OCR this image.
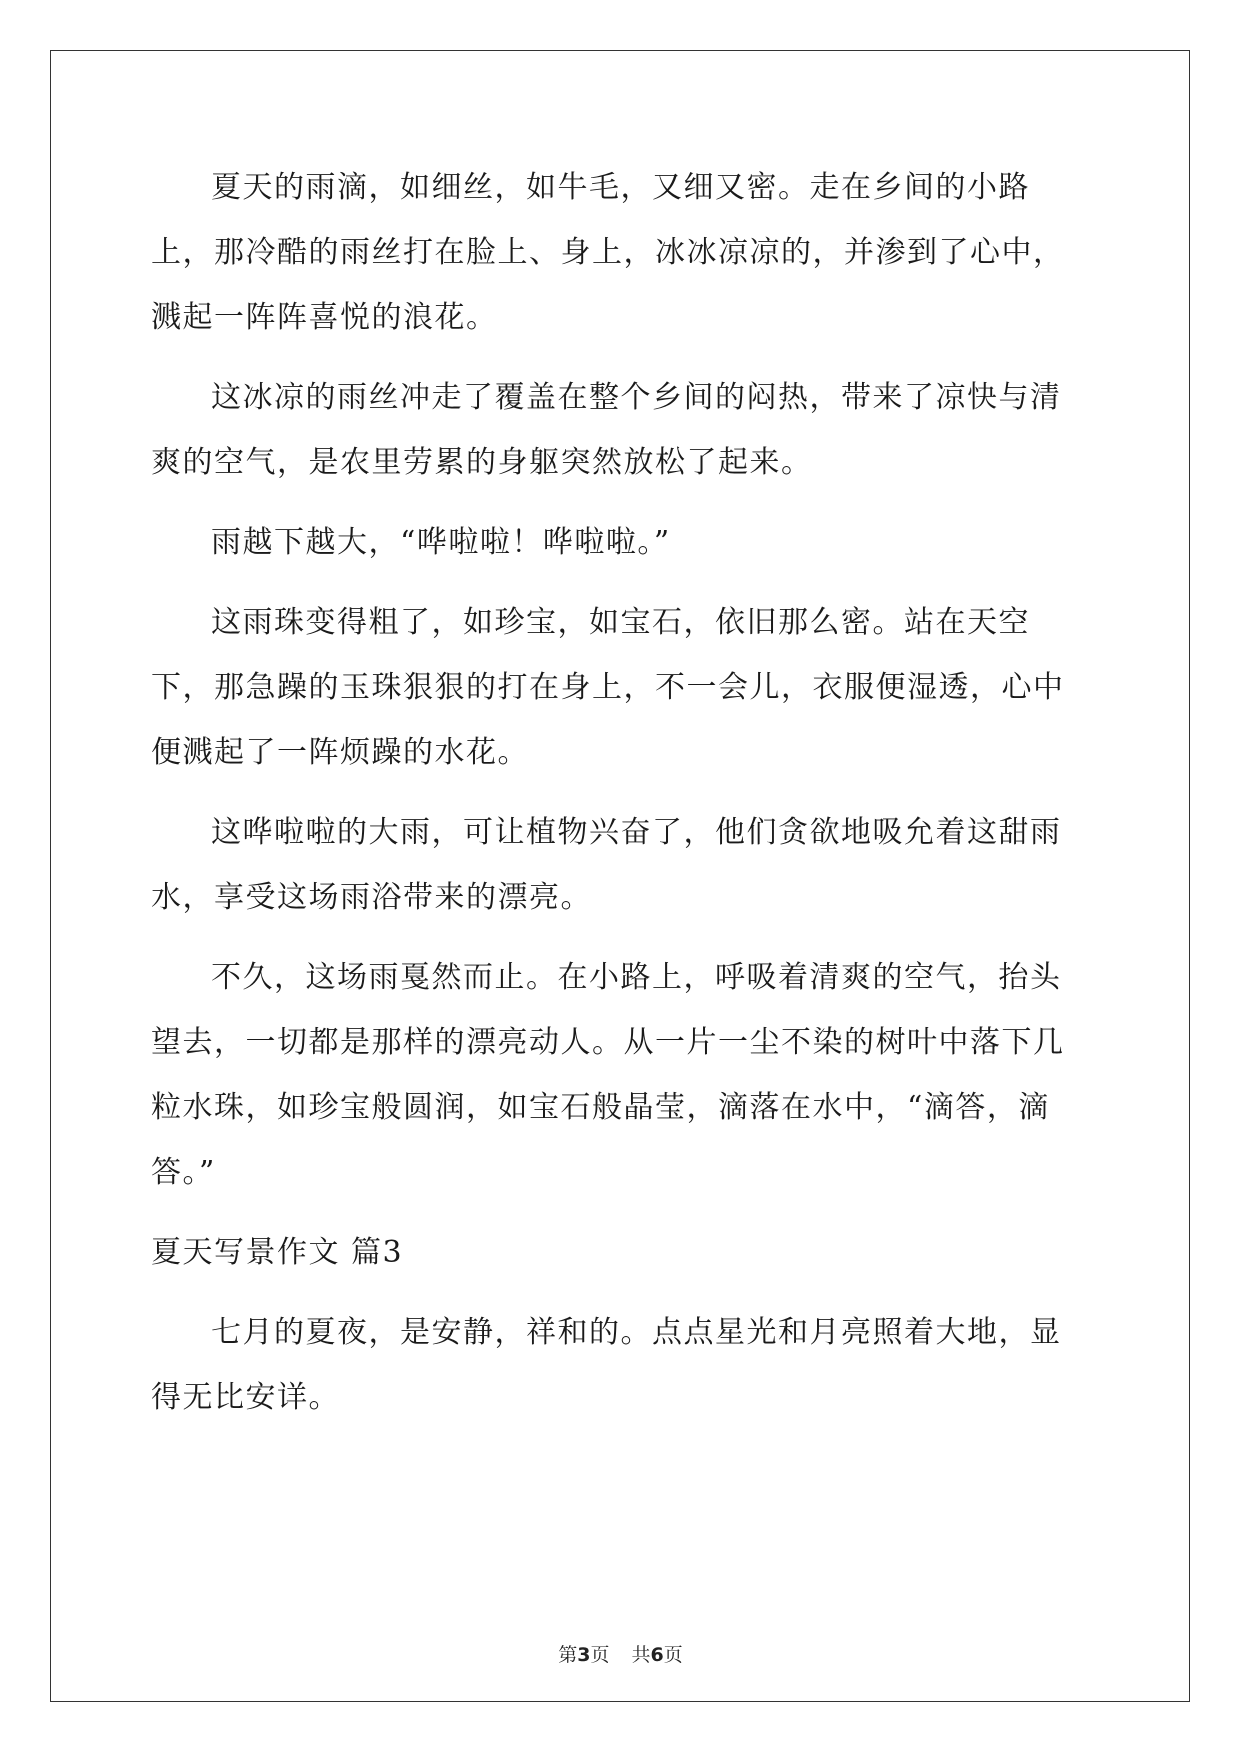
夏天的雨滴，如细丝，如牛毛，又细又密。走在乡间的小路上，那冷酷的雨丝打在脸上、身上，冰冰凉凉的，并渗到了心中，溅起一阵阵喜悦的浪花。

这冰凉的雨丝冲走了覆盖在整个乡间的闷热，带来了凉快与清爽的空气，是农里劳累的身躯突然放松了起来。

雨越下越大，“哗啦啦！哗啦啦。”

这雨珠变得粗了，如珍宝，如宝石，依旧那么密。站在天空下，那急躁的玉珠狠狠的打在身上，不一会儿，衣服便湿透，心中便溅起了一阵烦躁的水花。

这哗啦啦的大雨，可让植物兴奋了，他们贪欲地吸允着这甜雨水，享受这场雨浴带来的漂亮。

不久，这场雨戛然而止。在小路上，呼吸着清爽的空气，抬头望去，一切都是那样的漂亮动人。从一片一尘不染的树叶中落下几粒水珠，如珍宝般圆润，如宝石般晶莹，滴落在水中，“滴答，滴答。”

夏天写景作文 篇3

七月的夏夜，是安静，祥和的。点点星光和月亮照着大地，显得无比安详。

第3页 共6页
